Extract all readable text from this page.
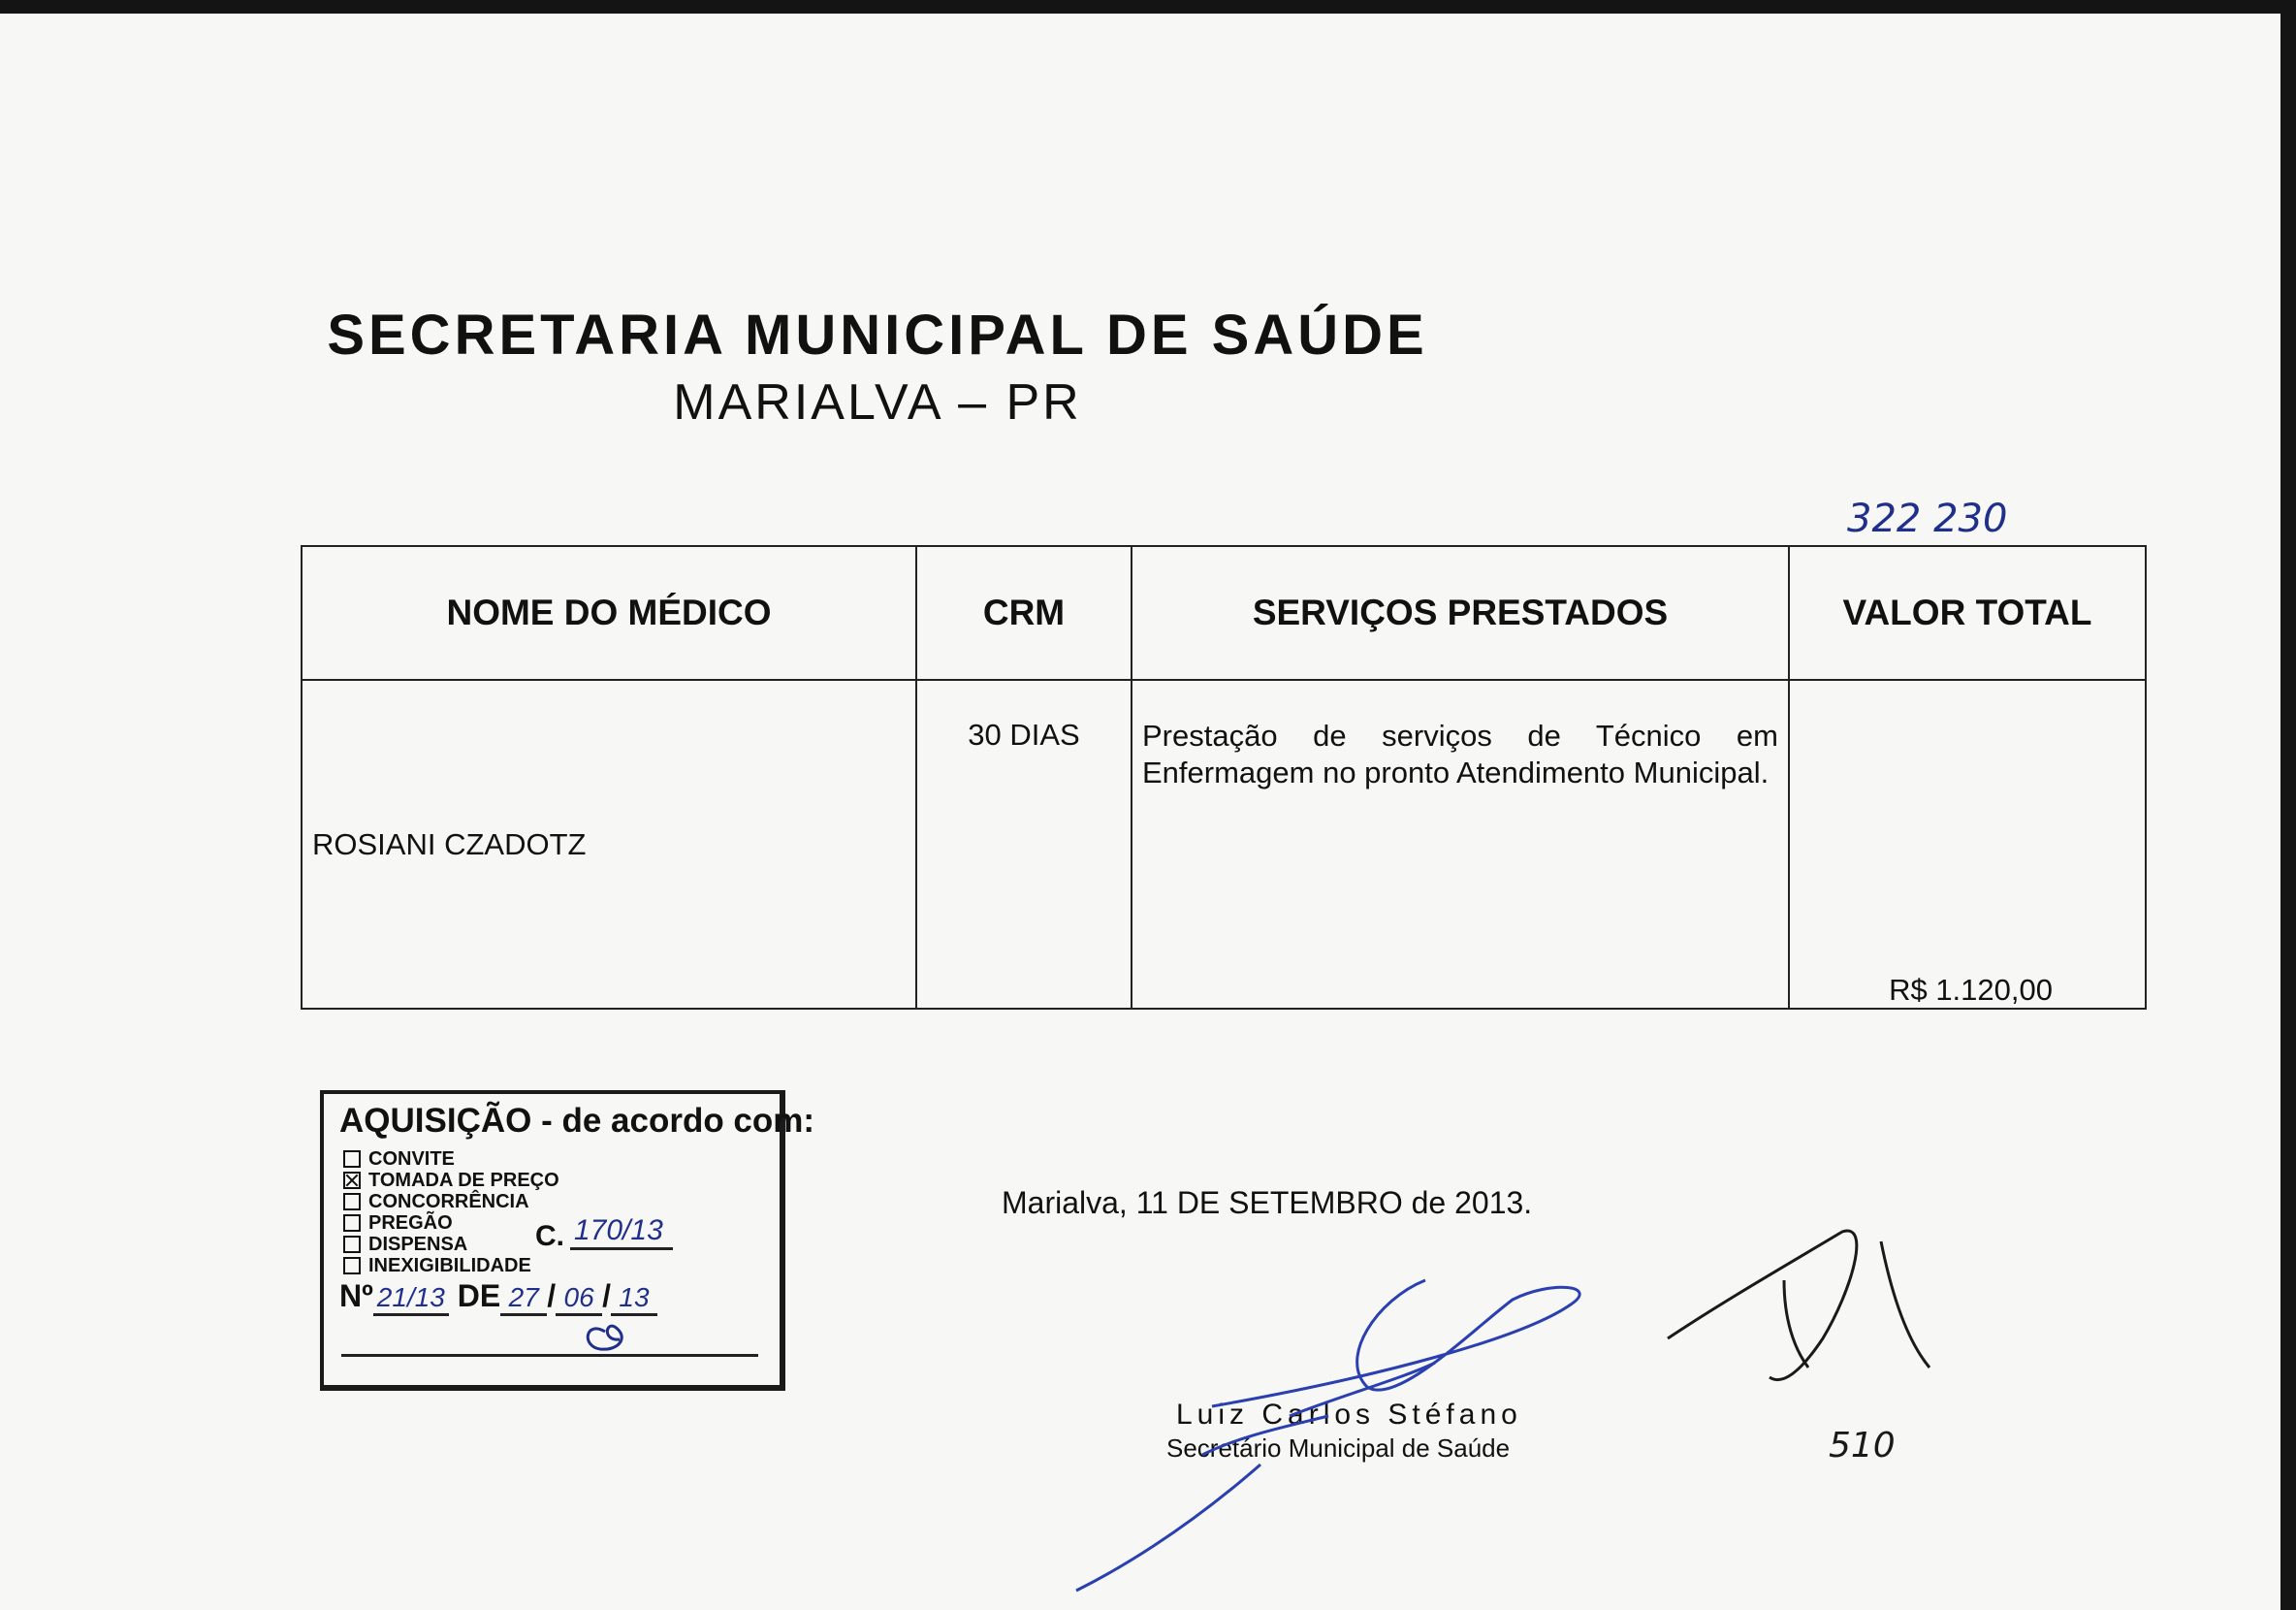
SECRETARIA MUNICIPAL DE SAÚDE
MARIALVA – PR
322 230
NOME DO MÉDICO	CRM	SERVIÇOS PRESTADOS	VALOR TOTAL
ROSIANI CZADOTZ	30 DIAS	Prestação de serviços de Técnico em Enfermagem no pronto Atendimento Municipal.	R$ 1.120,00
AQUISIÇÃO - de acordo com:
CONVITE
TOMADA DE PREÇO
CONCORRÊNCIA
PREGÃO
DISPENSA
INEXIGIBILIDADE
C. 170/13
Nº 21/13 DE 27 / 06 / 13
Marialva, 11 DE SETEMBRO de 2013.
Luiz Carlos Stéfano
Secretário Municipal de Saúde	510
